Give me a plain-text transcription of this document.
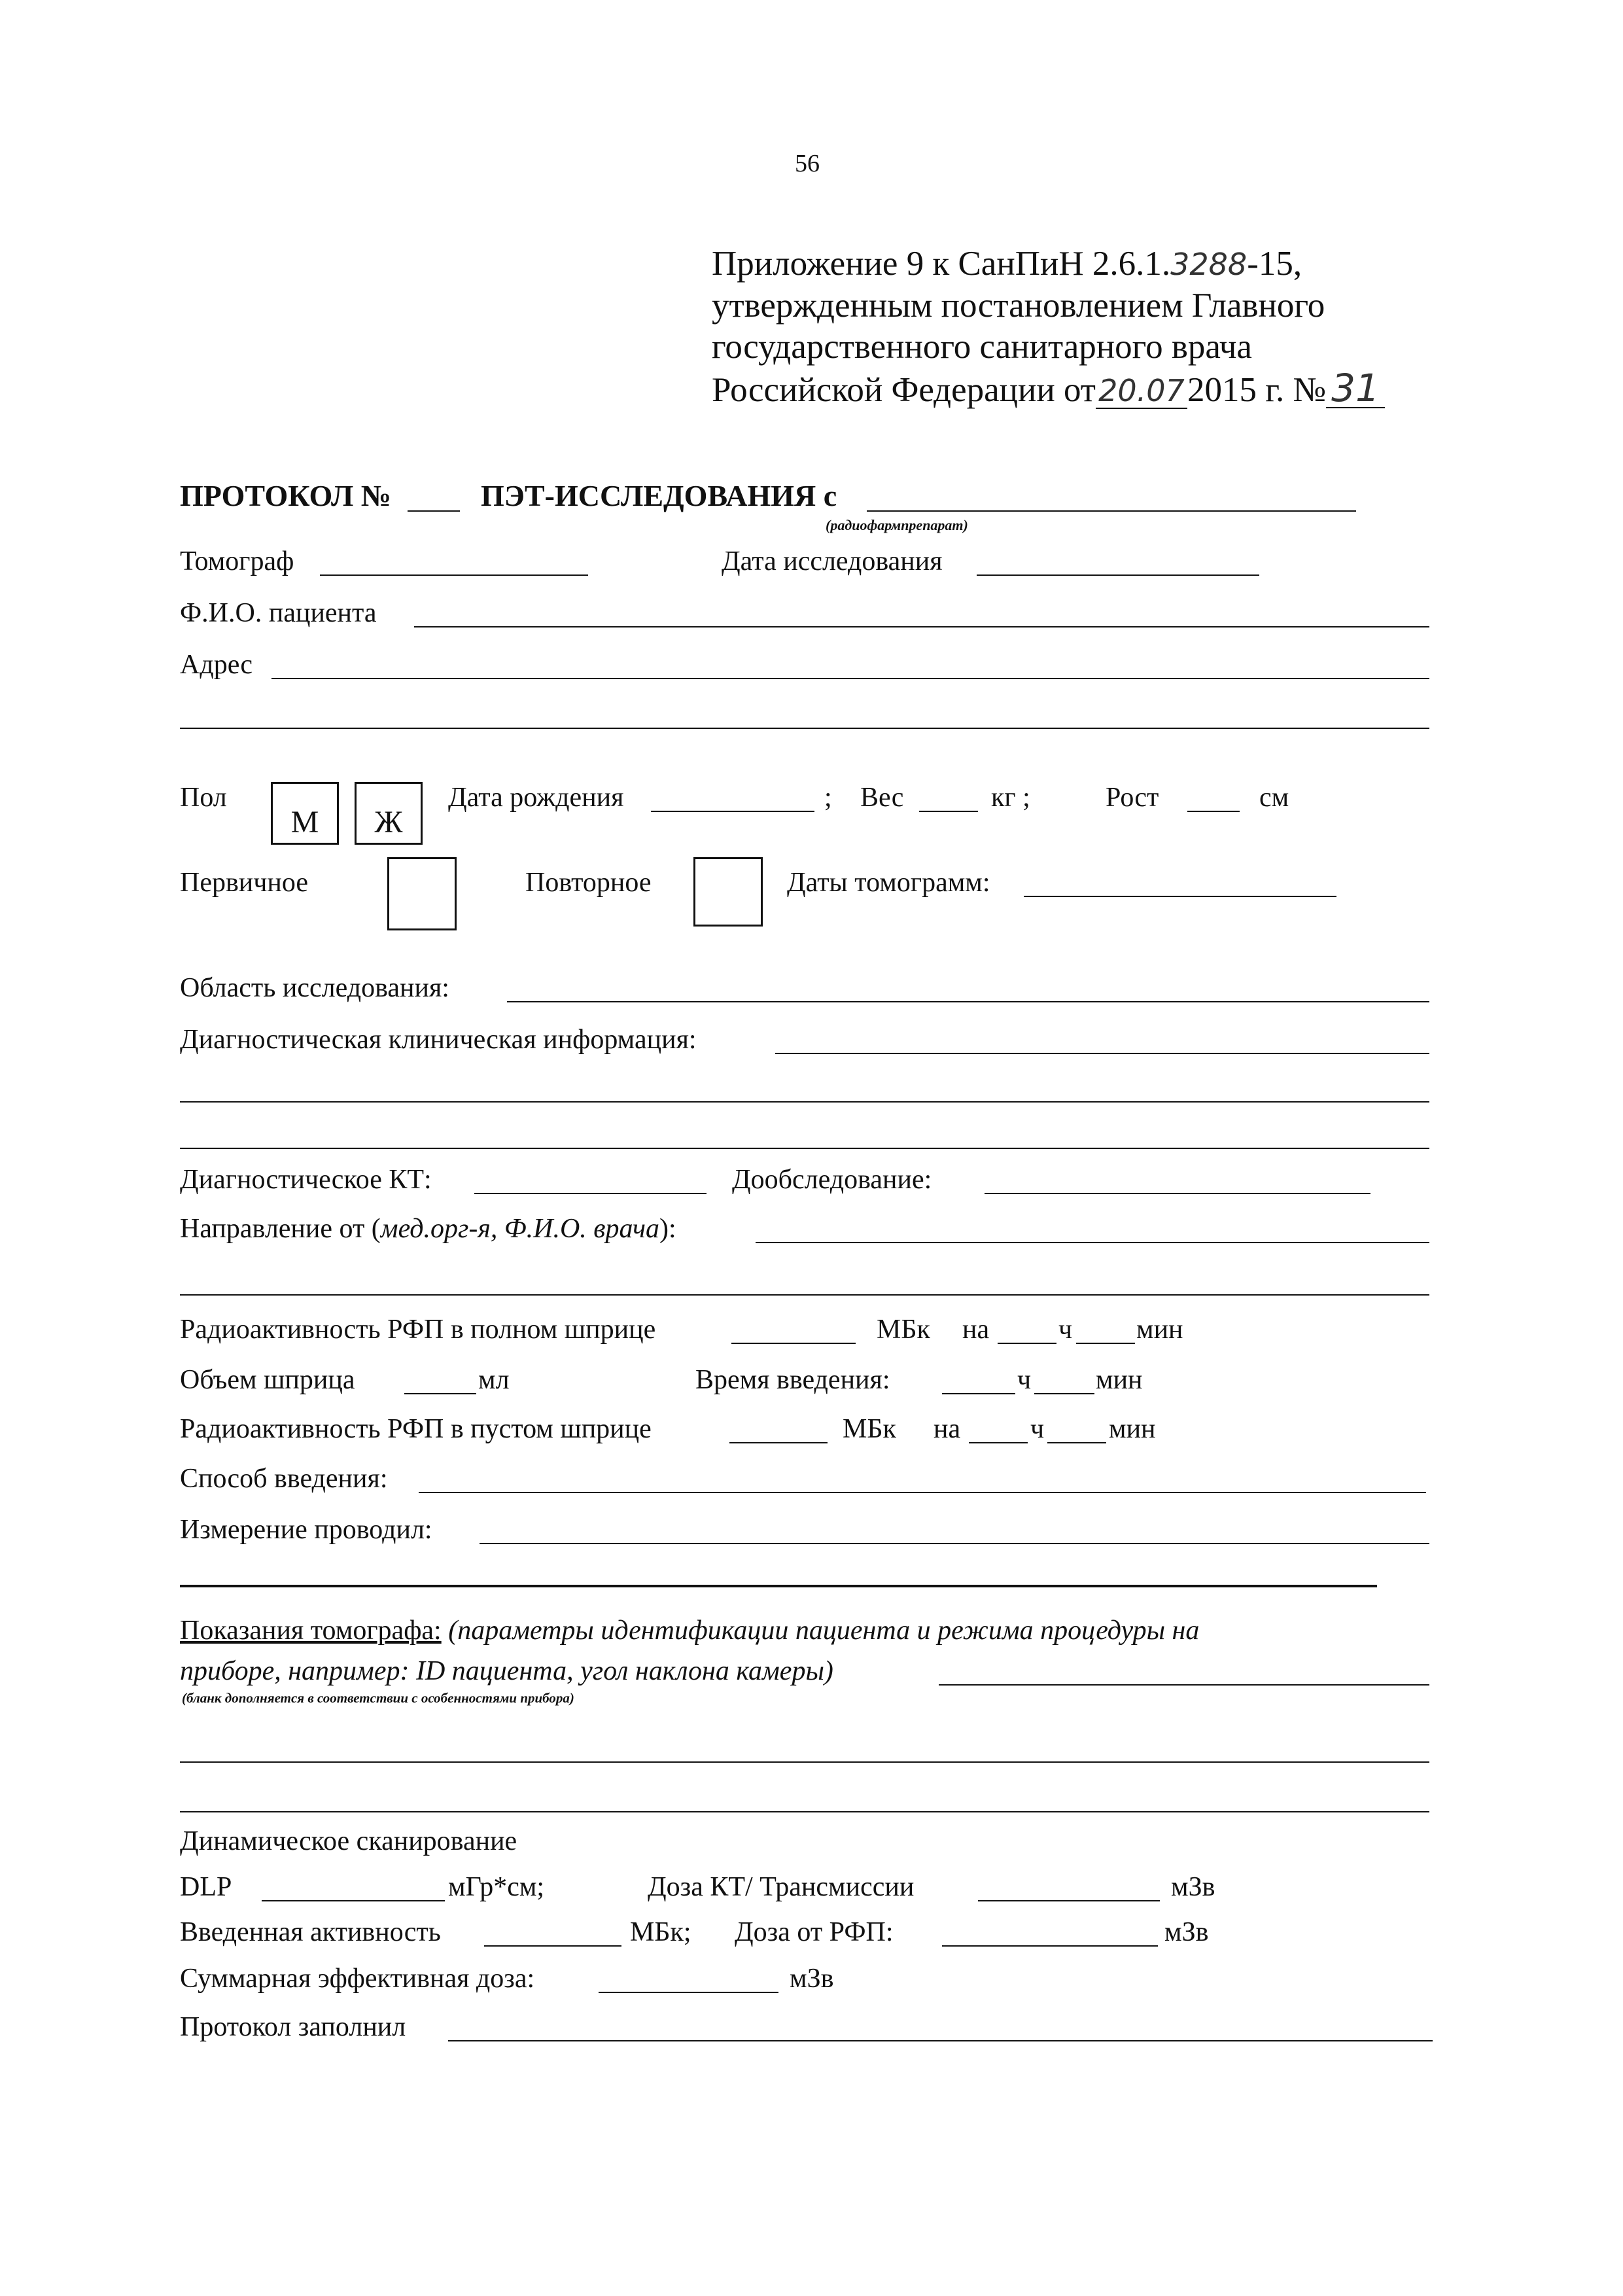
56
Приложение 9 к СанПиН 2.6.1.3288-15,
утвержденным постановлением Главного
государственного санитарного врача
Российской Федерации от20.07
2015 г. № 31
ПРОТОКОЛ №	ПЭТ-ИССЛЕДОВАНИЯ с
(радиофармпрепарат)
Томограф	Дата исследования
Ф.И.О. пациента
Адрес
Пол	Дата рождения	; Вес	кг ;	Рост	см
М	Ж
Первичное	Повторное	Даты томограмм:
Область исследования:
Диагностическая клиническая информация:
Диагностическое КТ:	Дообследование:
Направление от (мед.орг-я, Ф.И.О. врача):
Радиоактивность РФП в полном шприце	МБк на	ч мин
Объем шприца	мл	Время введения:	ч мин
Радиоактивность РФП в пустом шприце	МБк на	ч мин
Способ введения:
Измерение проводил:
Показания томографа: (параметры идентификации пациента и режима процедуры на
приборе, например: ID пациента, угол наклона камеры)
(бланк дополняется в соответствии с особенностями прибора)
Динамическое сканирование
DLP	мГр*см;	Доза КТ/ Трансмиссии	мЗв
Введенная активность	МБк; Доза от РФП:	мЗв
Суммарная эффективная доза:	мЗв
Протокол заполнил
